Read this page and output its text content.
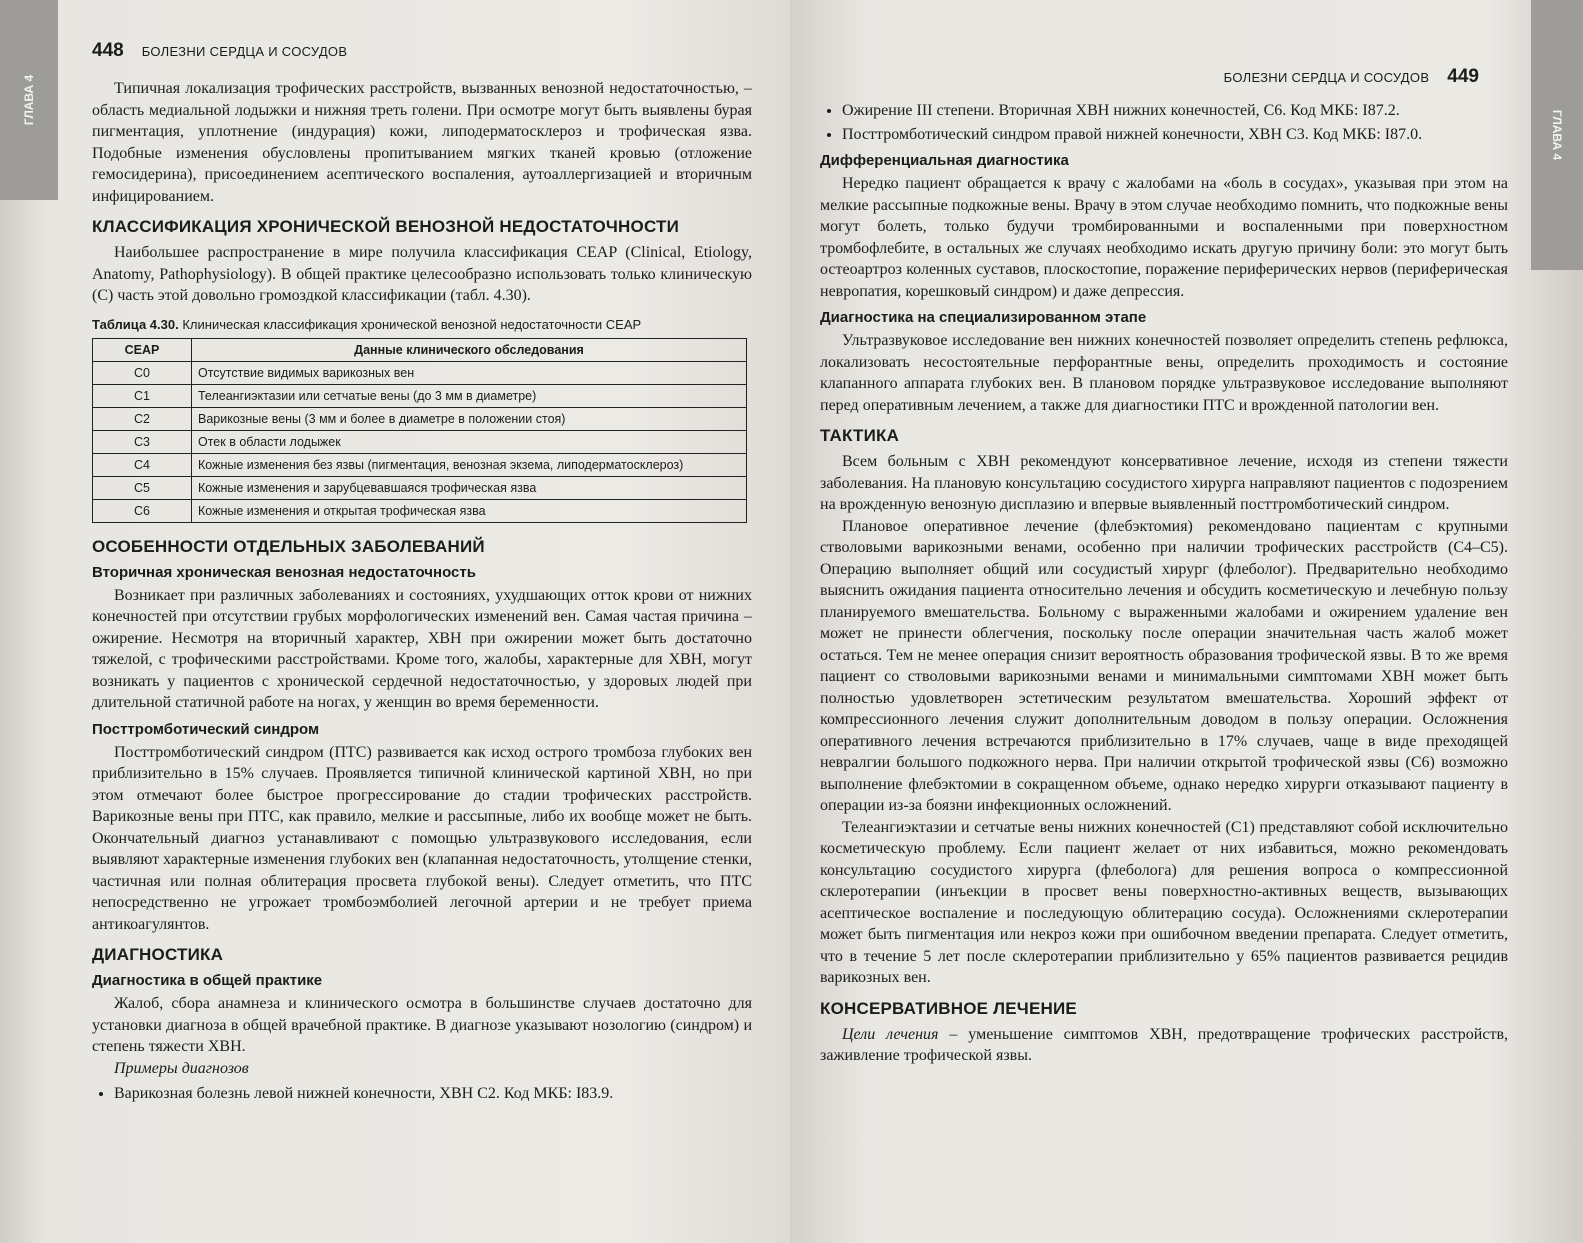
ГЛАВА 4
448 БОЛЕЗНИ СЕРДЦА И СОСУДОВ

Типичная локализация трофических расстройств, вызванных венозной недостаточностью, – область медиальной лодыжки и нижняя треть голени. При осмотре могут быть выявлены бурая пигментация, уплотнение (индурация) кожи, липодерматосклероз и трофическая язва. Подобные изменения обусловлены пропитыванием мягких тканей кровью (отложение гемосидерина), присоединением асептического воспаления, аутоаллергизацией и вторичным инфицированием.

КЛАССИФИКАЦИЯ ХРОНИЧЕСКОЙ ВЕНОЗНОЙ НЕДОСТАТОЧНОСТИ

Наибольшее распространение в мире получила классификация CEAP (Clinical, Etiology, Anatomy, Pathophysiology). В общей практике целесообразно использовать только клиническую (С) часть этой довольно громоздкой классификации (табл. 4.30).

Таблица 4.30. Клиническая классификация хронической венозной недостаточности CEAP
CEAP	Данные клинического обследования
C0	Отсутствие видимых варикозных вен
C1	Телеангиэктазии или сетчатые вены (до 3 мм в диаметре)
C2	Варикозные вены (3 мм и более в диаметре в положении стоя)
C3	Отек в области лодыжек
C4	Кожные изменения без язвы (пигментация, венозная экзема, липодерматосклероз)
C5	Кожные изменения и зарубцевавшаяся трофическая язва
C6	Кожные изменения и открытая трофическая язва
ОСОБЕННОСТИ ОТДЕЛЬНЫХ ЗАБОЛЕВАНИЙ
Вторичная хроническая венозная недостаточность

Возникает при различных заболеваниях и состояниях, ухудшающих отток крови от нижних конечностей при отсутствии грубых морфологических изменений вен. Самая частая причина – ожирение. Несмотря на вторичный характер, ХВН при ожирении может быть достаточно тяжелой, с трофическими расстройствами. Кроме того, жалобы, характерные для ХВН, могут возникать у пациентов с хронической сердечной недостаточностью, у здоровых людей при длительной статичной работе на ногах, у женщин во время беременности.

Посттромботический синдром

Посттромботический синдром (ПТС) развивается как исход острого тромбоза глубоких вен приблизительно в 15% случаев. Проявляется типичной клинической картиной ХВН, но при этом отмечают более быстрое прогрессирование до стадии трофических расстройств. Варикозные вены при ПТС, как правило, мелкие и рассыпные, либо их вообще может не быть. Окончательный диагноз устанавливают с помощью ультразвукового исследования, если выявляют характерные изменения глубоких вен (клапанная недостаточность, утолщение стенки, частичная или полная облитерация просвета глубокой вены). Следует отметить, что ПТС непосредственно не угрожает тромбоэмболией легочной артерии и не требует приема антикоагулянтов.

ДИАГНОСТИКА
Диагностика в общей практике

Жалоб, сбора анамнеза и клинического осмотра в большинстве случаев достаточно для установки диагноза в общей врачебной практике. В диагнозе указывают нозологию (синдром) и степень тяжести ХВН.

Примеры диагнозов

• Варикозная болезнь левой нижней конечности, ХВН С2. Код МКБ: I83.9.
ГЛАВА 4
БОЛЕЗНИ СЕРДЦА И СОСУДОВ 449
• Ожирение III степени. Вторичная ХВН нижних конечностей, С6. Код МКБ: I87.2.
• Посттромботический синдром правой нижней конечности, ХВН С3. Код МКБ: I87.0.
Дифференциальная диагностика

Нередко пациент обращается к врачу с жалобами на «боль в сосудах», указывая при этом на мелкие рассыпные подкожные вены. Врачу в этом случае необходимо помнить, что подкожные вены могут болеть, только будучи тромбированными и воспаленными при поверхностном тромбофлебите, в остальных же случаях необходимо искать другую причину боли: это могут быть остеоартроз коленных суставов, плоскостопие, поражение периферических нервов (периферическая невропатия, корешковый синдром) и даже депрессия.

Диагностика на специализированном этапе

Ультразвуковое исследование вен нижних конечностей позволяет определить степень рефлюкса, локализовать несостоятельные перфорантные вены, определить проходимость и состояние клапанного аппарата глубоких вен. В плановом порядке ультразвуковое исследование выполняют перед оперативным лечением, а также для диагностики ПТС и врожденной патологии вен.

ТАКТИКА

Всем больным с ХВН рекомендуют консервативное лечение, исходя из степени тяжести заболевания. На плановую консультацию сосудистого хирурга направляют пациентов с подозрением на врожденную венозную дисплазию и впервые выявленный посттромботический синдром.

Плановое оперативное лечение (флебэктомия) рекомендовано пациентам с крупными стволовыми варикозными венами, особенно при наличии трофических расстройств (С4–С5). Операцию выполняет общий или сосудистый хирург (флеболог). Предварительно необходимо выяснить ожидания пациента относительно лечения и обсудить косметическую и лечебную пользу планируемого вмешательства. Больному с выраженными жалобами и ожирением удаление вен может не принести облегчения, поскольку после операции значительная часть жалоб может остаться. Тем не менее операция снизит вероятность образования трофической язвы. В то же время пациент со стволовыми варикозными венами и минимальными симптомами ХВН может быть полностью удовлетворен эстетическим результатом вмешательства. Хороший эффект от компрессионного лечения служит дополнительным доводом в пользу операции. Осложнения оперативного лечения встречаются приблизительно в 17% случаев, чаще в виде преходящей невралгии большого подкожного нерва. При наличии открытой трофической язвы (С6) возможно выполнение флебэктомии в сокращенном объеме, однако нередко хирурги отказывают пациенту в операции из-за боязни инфекционных осложнений.

Телеангиэктазии и сетчатые вены нижних конечностей (С1) представляют собой исключительно косметическую проблему. Если пациент желает от них избавиться, можно рекомендовать консультацию сосудистого хирурга (флеболога) для решения вопроса о компрессионной склеротерапии (инъекции в просвет вены поверхностно-активных веществ, вызывающих асептическое воспаление и последующую облитерацию сосуда). Осложнениями склеротерапии может быть пигментация или некроз кожи при ошибочном введении препарата. Следует отметить, что в течение 5 лет после склеротерапии приблизительно у 65% пациентов развивается рецидив варикозных вен.

КОНСЕРВАТИВНОЕ ЛЕЧЕНИЕ

Цели лечения – уменьшение симптомов ХВН, предотвращение трофических расстройств, заживление трофической язвы.
